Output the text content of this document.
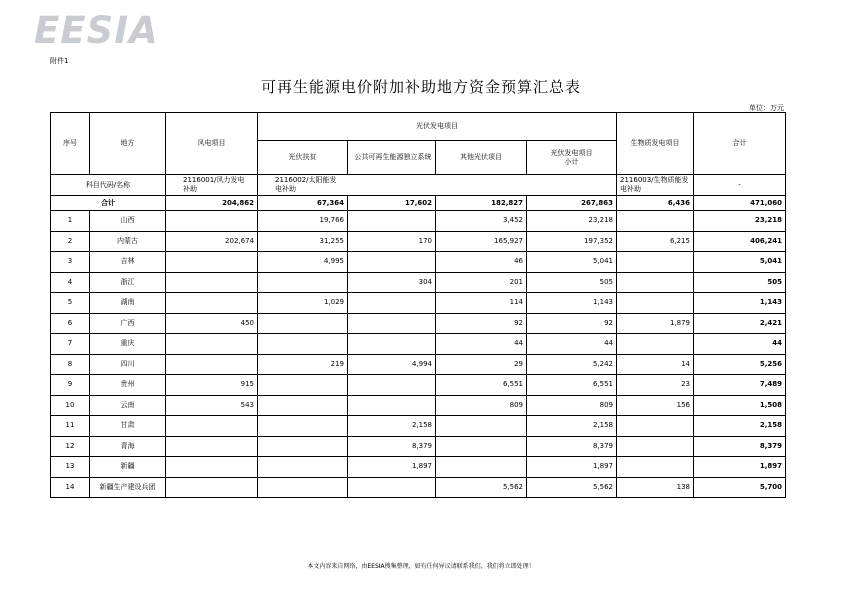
EESIA
附件1
可再生能源电价附加补助地方资金预算汇总表
单位：万元
序号	地方	风电项目	光伏发电项目				生物质发电项目	合计
			光伏扶贫	公共可再生能源独立系统	其他光伏项目	光伏发电项目小计		
科目代码/名称		2116001/风力发电补助	2116002/太阳能发电补助				2116003/生物质能发电补助	-
合计		204,862	67,364	17,602	182,827	267,863	6,436	471,060
1	山西		19,766		3,452	23,218		23,218
2	内蒙古	202,674	31,255	170	165,927	197,352	6,215	406,241
3	吉林		4,995		46	5,041		5,041
4	浙江			304	201	505		505
5	湖南		1,029		114	1,143		1,143
6	广西	450			92	92	1,879	2,421
7	重庆				44	44		44
8	四川		219	4,994	29	5,242	14	5,256
9	贵州	915			6,551	6,551	23	7,489
10	云南	543			809	809	156	1,508
11	甘肃			2,158		2,158		2,158
12	青海			8,379		8,379		8,379
13	新疆			1,897		1,897		1,897
14	新疆生产建设兵团				5,562	5,562	138	5,700
本文内容来自网络，由EESIA搜集整理，如有任何异议请联系我们，我们将立即处理！
